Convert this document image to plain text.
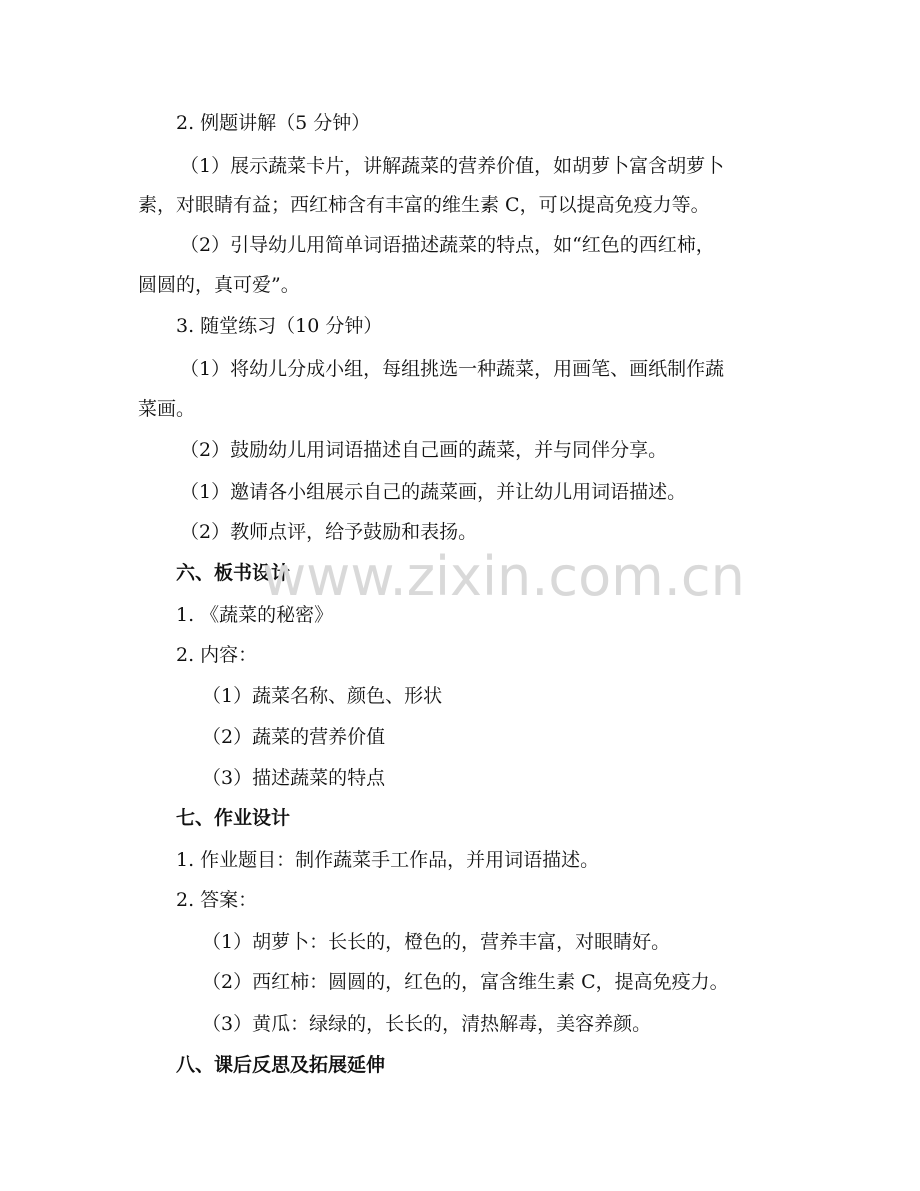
2. 例题讲解（5 分钟）
（1）展示蔬菜卡片，讲解蔬菜的营养价值，如胡萝卜富含胡萝卜
素，对眼睛有益；西红柿含有丰富的维生素 C，可以提高免疫力等。
（2）引导幼儿用简单词语描述蔬菜的特点，如“红色的西红柿，
圆圆的，真可爱”。
3. 随堂练习（10 分钟）
（1）将幼儿分成小组，每组挑选一种蔬菜，用画笔、画纸制作蔬
菜画。
（2）鼓励幼儿用词语描述自己画的蔬菜，并与同伴分享。
（1）邀请各小组展示自己的蔬菜画，并让幼儿用词语描述。
（2）教师点评，给予鼓励和表扬。
六、板书设计
1. 《蔬菜的秘密》
2. 内容：
（1）蔬菜名称、颜色、形状
（2）蔬菜的营养价值
（3）描述蔬菜的特点
七、作业设计
1. 作业题目：制作蔬菜手工作品，并用词语描述。
2. 答案：
（1）胡萝卜：长长的，橙色的，营养丰富，对眼睛好。
（2）西红柿：圆圆的，红色的，富含维生素 C，提高免疫力。
（3）黄瓜：绿绿的，长长的，清热解毒，美容养颜。
八、课后反思及拓展延伸
www.zixin.com.cn
